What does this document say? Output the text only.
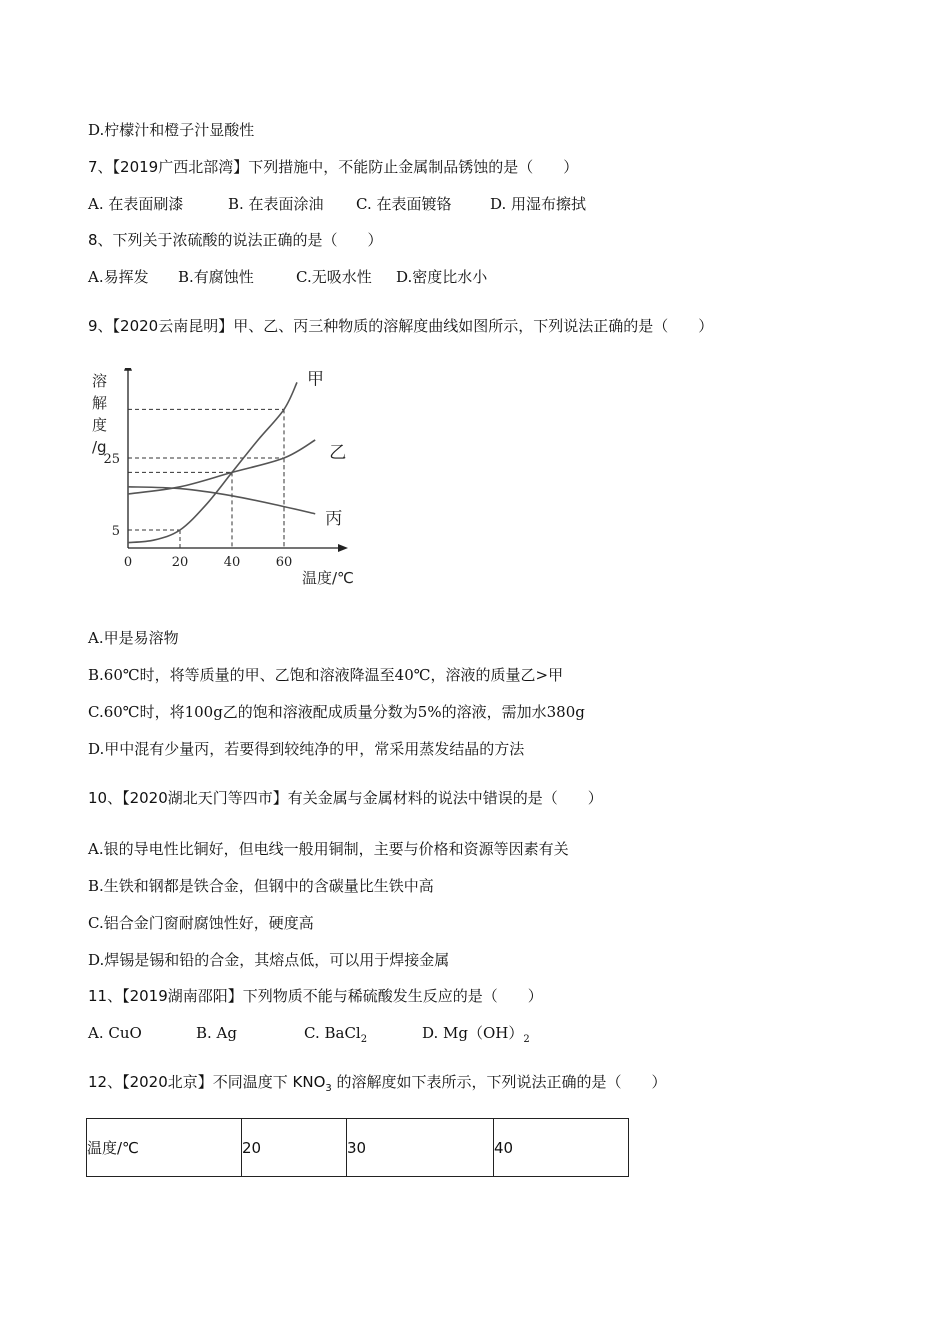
D.柠檬汁和橙子汁显酸性
7、【2019广西北部湾】下列措施中，不能防止金属制品锈蚀的是（　　）
A. 在表面刷漆	B. 在表面涂油 C. 在表面镀铬	D. 用湿布擦拭
8、下列关于浓硫酸的说法正确的是（　　）
A.易挥发 B.有腐蚀性	C.无吸水性 D.密度比水小
9、【2020云南昆明】甲、乙、丙三种物质的溶解度曲线如图所示，下列说法正确的是（　　）
甲
乙
丙
0	20	40	60
5
25
溶
解
度
/g
温度/℃
A.甲是易溶物
B.60℃时，将等质量的甲、乙饱和溶液降温至40℃，溶液的质量乙>甲
C.60℃时，将100g乙的饱和溶液配成质量分数为5%的溶液，需加水380g
D.甲中混有少量丙，若要得到较纯净的甲，常采用蒸发结晶的方法
10、【2020湖北天门等四市】有关金属与金属材料的说法中错误的是（　　）
A.银的导电性比铜好，但电线一般用铜制，主要与价格和资源等因素有关
B.生铁和钢都是铁合金，但钢中的含碳量比生铁中高
C.铝合金门窗耐腐蚀性好，硬度高
D.焊锡是锡和铅的合金，其熔点低，可以用于焊接金属
11、【2019湖南邵阳】下列物质不能与稀硫酸发生反应的是（　　）
A. CuO	B. Ag	C. BaCl$_2$	D. $Mg(OH)_2$
12、【2020北京】不同温度下 $KNO_3$ 的溶解度如下表所示，下列说法正确的是（　　）
温度/℃	20	30	40
